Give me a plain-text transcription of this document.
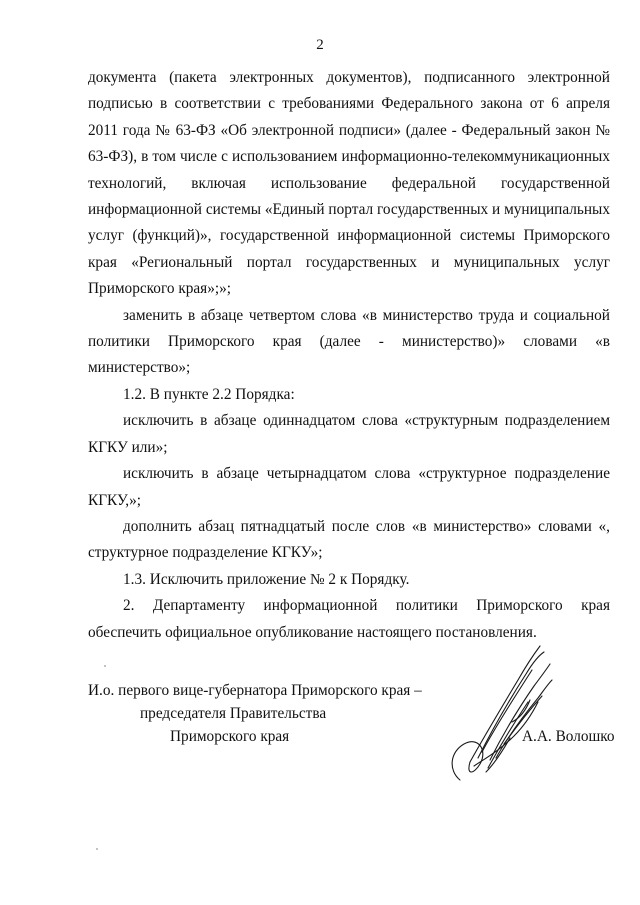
2

документа (пакета электронных документов), подписанного электронной подписью в соответствии с требованиями Федерального закона от 6 апреля 2011 года № 63-ФЗ «Об электронной подписи» (далее - Федеральный закон № 63-ФЗ), в том числе с использованием информационно-телекоммуникационных технологий, включая использование федеральной государственной информационной системы «Единый портал государственных и муниципальных услуг (функций)», государственной информационной системы Приморского края «Региональный портал государственных и муниципальных услуг Приморского края»;»;

заменить в абзаце четвертом слова «в министерство труда и социальной политики Приморского края (далее - министерство)» словами «в министерство»;

1.2. В пункте 2.2 Порядка:

исключить в абзаце одиннадцатом слова «структурным подразделением КГКУ или»;

исключить в абзаце четырнадцатом слова «структурное подразделение КГКУ,»;

дополнить абзац пятнадцатый после слов «в министерство» словами «, структурное подразделение КГКУ»;

1.3. Исключить приложение № 2 к Порядку.

2. Департаменту информационной политики Приморского края обеспечить официальное опубликование настоящего постановления.

И.о. первого вице-губернатора Приморского края –
председателя Правительства
Приморского края	А.А. Волошко
